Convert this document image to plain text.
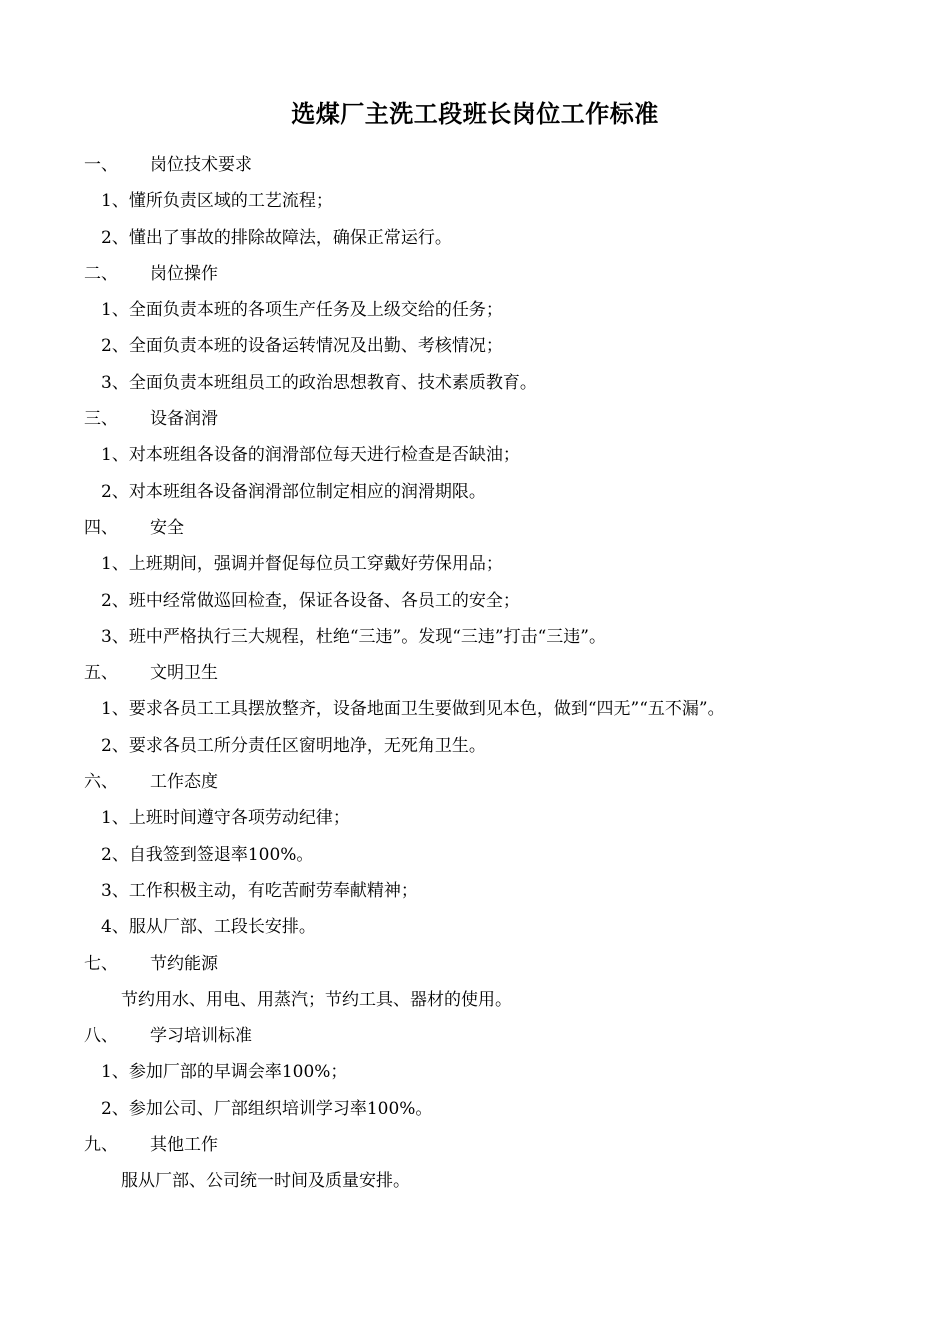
选煤厂主洗工段班长岗位工作标准
一、 岗位技术要求
1、懂所负责区域的工艺流程；
2、懂出了事故的排除故障法，确保正常运行。
二、 岗位操作
1、全面负责本班的各项生产任务及上级交给的任务；
2、全面负责本班的设备运转情况及出勤、考核情况；
3、全面负责本班组员工的政治思想教育、技术素质教育。
三、 设备润滑
1、对本班组各设备的润滑部位每天进行检查是否缺油；
2、对本班组各设备润滑部位制定相应的润滑期限。
四、 安全
1、上班期间，强调并督促每位员工穿戴好劳保用品；
2、班中经常做巡回检查，保证各设备、各员工的安全；
3、班中严格执行三大规程，杜绝“三违”。发现“三违”打击“三违”。
五、 文明卫生
1、要求各员工工具摆放整齐，设备地面卫生要做到见本色，做到“四无”“五不漏”。
2、要求各员工所分责任区窗明地净，无死角卫生。
六、 工作态度
1、上班时间遵守各项劳动纪律；
2、自我签到签退率100%。
3、工作积极主动，有吃苦耐劳奉献精神；
4、服从厂部、工段长安排。
七、 节约能源
节约用水、用电、用蒸汽；节约工具、器材的使用。
八、 学习培训标准
1、参加厂部的早调会率100%；
2、参加公司、厂部组织培训学习率100%。
九、 其他工作
服从厂部、公司统一时间及质量安排。
